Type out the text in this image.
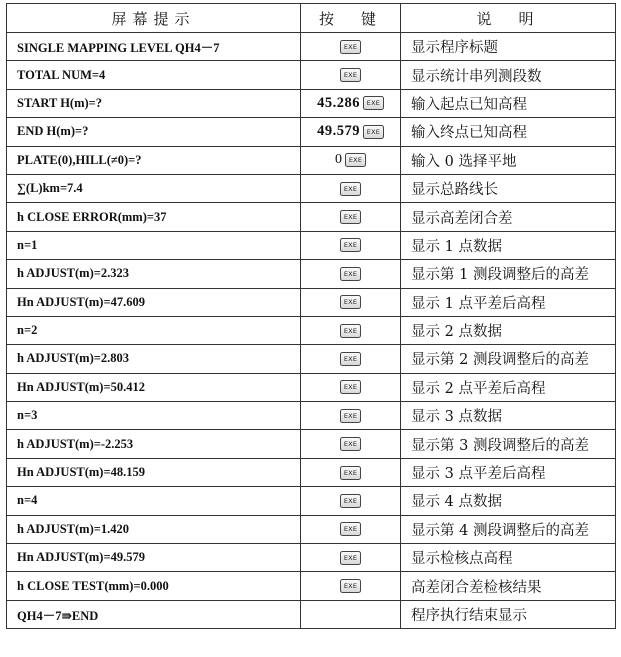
屏幕提示	按　键	说　明
SINGLE MAPPING LEVEL QH4－7	EXE	显示程序标题
TOTAL NUM=4	EXE	显示统计串列测段数
START H(m)=?	45.286 EXE	输入起点已知高程
END H(m)=?	49.579 EXE	输入终点已知高程
PLATE(0),HILL(≠0)=?	0 EXE	输入 0 选择平地
∑(L)km=7.4	EXE	显示总路线长
h CLOSE ERROR(mm)=37	EXE	显示高差闭合差
n=1	EXE	显示 1 点数据
h ADJUST(m)=2.323	EXE	显示第 1 测段调整后的高差
Hn ADJUST(m)=47.609	EXE	显示 1 点平差后高程
n=2	EXE	显示 2 点数据
h ADJUST(m)=2.803	EXE	显示第 2 测段调整后的高差
Hn ADJUST(m)=50.412	EXE	显示 2 点平差后高程
n=3	EXE	显示 3 点数据
h ADJUST(m)=-2.253	EXE	显示第 3 测段调整后的高差
Hn ADJUST(m)=48.159	EXE	显示 3 点平差后高程
n=4	EXE	显示 4 点数据
h ADJUST(m)=1.420	EXE	显示第 4 测段调整后的高差
Hn ADJUST(m)=49.579	EXE	显示检核点高程
h CLOSE TEST(mm)=0.000	EXE	高差闭合差检核结果
QH4－7⇛END		程序执行结束显示
